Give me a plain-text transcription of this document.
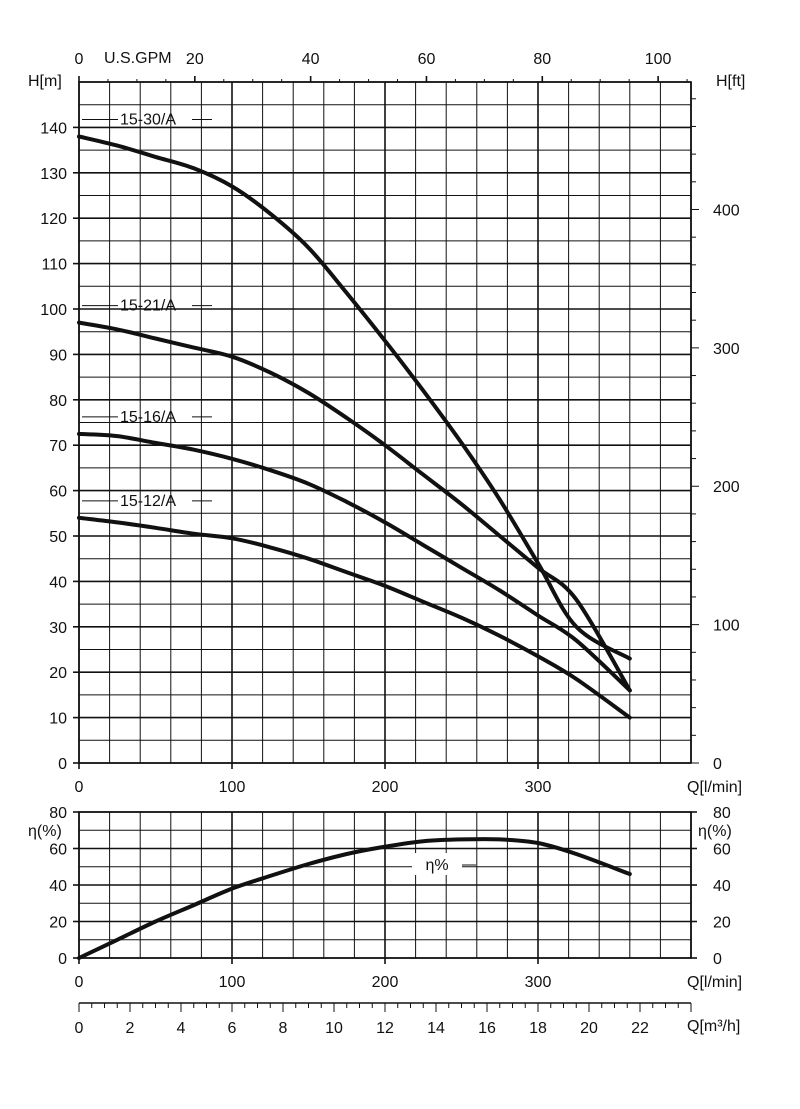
15-30/A
15-21/A
15-16/A
15-12/A
0
10
20
30
40
50
60
70
80
90
100
110
120
130
140
0	100	200	300
0	20	40	60	80	100
0
100
200
300
400
H[m]	H[ft]
U.S.GPM
Q[l/min]
η%
0	0
20	20
40	40
60	60
80	80
0	100	200	300
η(%)	η(%)
Q[l/min]
0	2	4	6	8 10 12 14 16 18 20 22 Q[m³/h]
